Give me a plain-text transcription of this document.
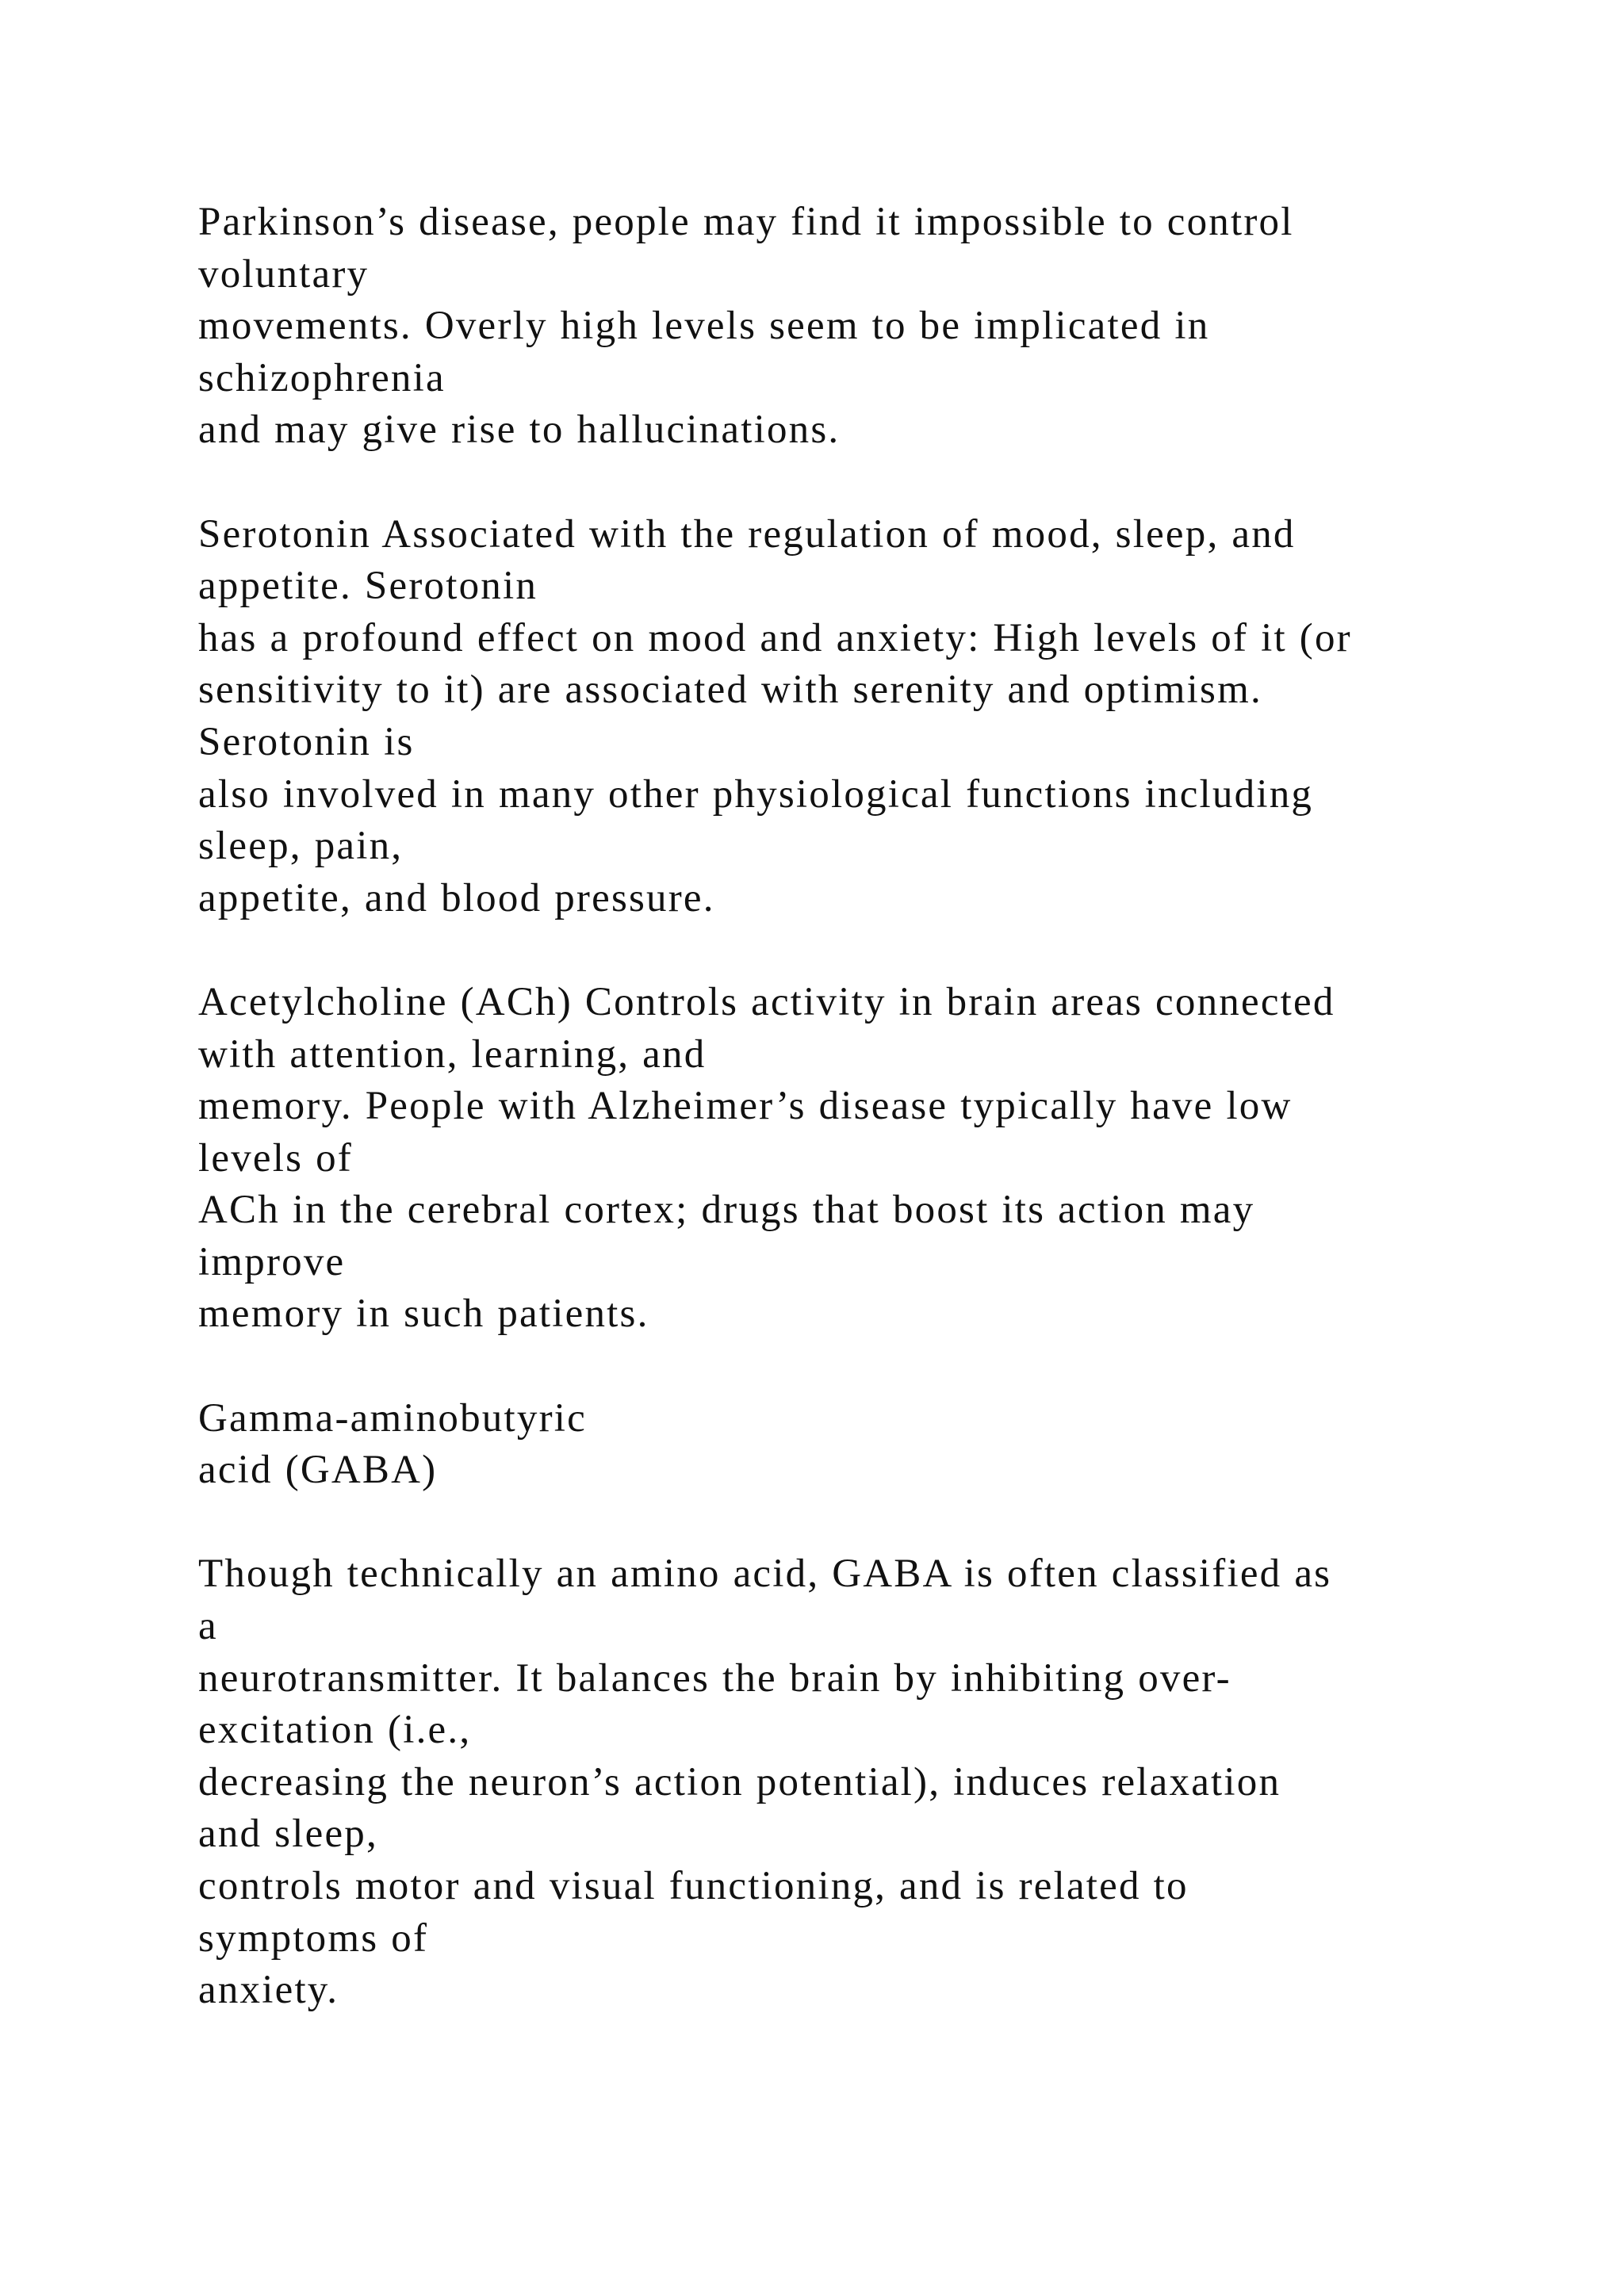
Parkinson’s disease, people may find it impossible to control
voluntary
movements. Overly high levels seem to be implicated in
schizophrenia
and may give rise to hallucinations.
Serotonin Associated with the regulation of mood, sleep, and
appetite. Serotonin
has a profound effect on mood and anxiety: High levels of it (or
sensitivity to it) are associated with serenity and optimism.
Serotonin is
also involved in many other physiological functions including
sleep, pain,
appetite, and blood pressure.
Acetylcholine (ACh) Controls activity in brain areas connected
with attention, learning, and
memory. People with Alzheimer’s disease typically have low
levels of
ACh in the cerebral cortex; drugs that boost its action may
improve
memory in such patients.
Gamma-aminobutyric
acid (GABA)
Though technically an amino acid, GABA is often classified as
a
neurotransmitter. It balances the brain by inhibiting over-
excitation (i.e.,
decreasing the neuron’s action potential), induces relaxation
and sleep,
controls motor and visual functioning, and is related to
symptoms of
anxiety.
